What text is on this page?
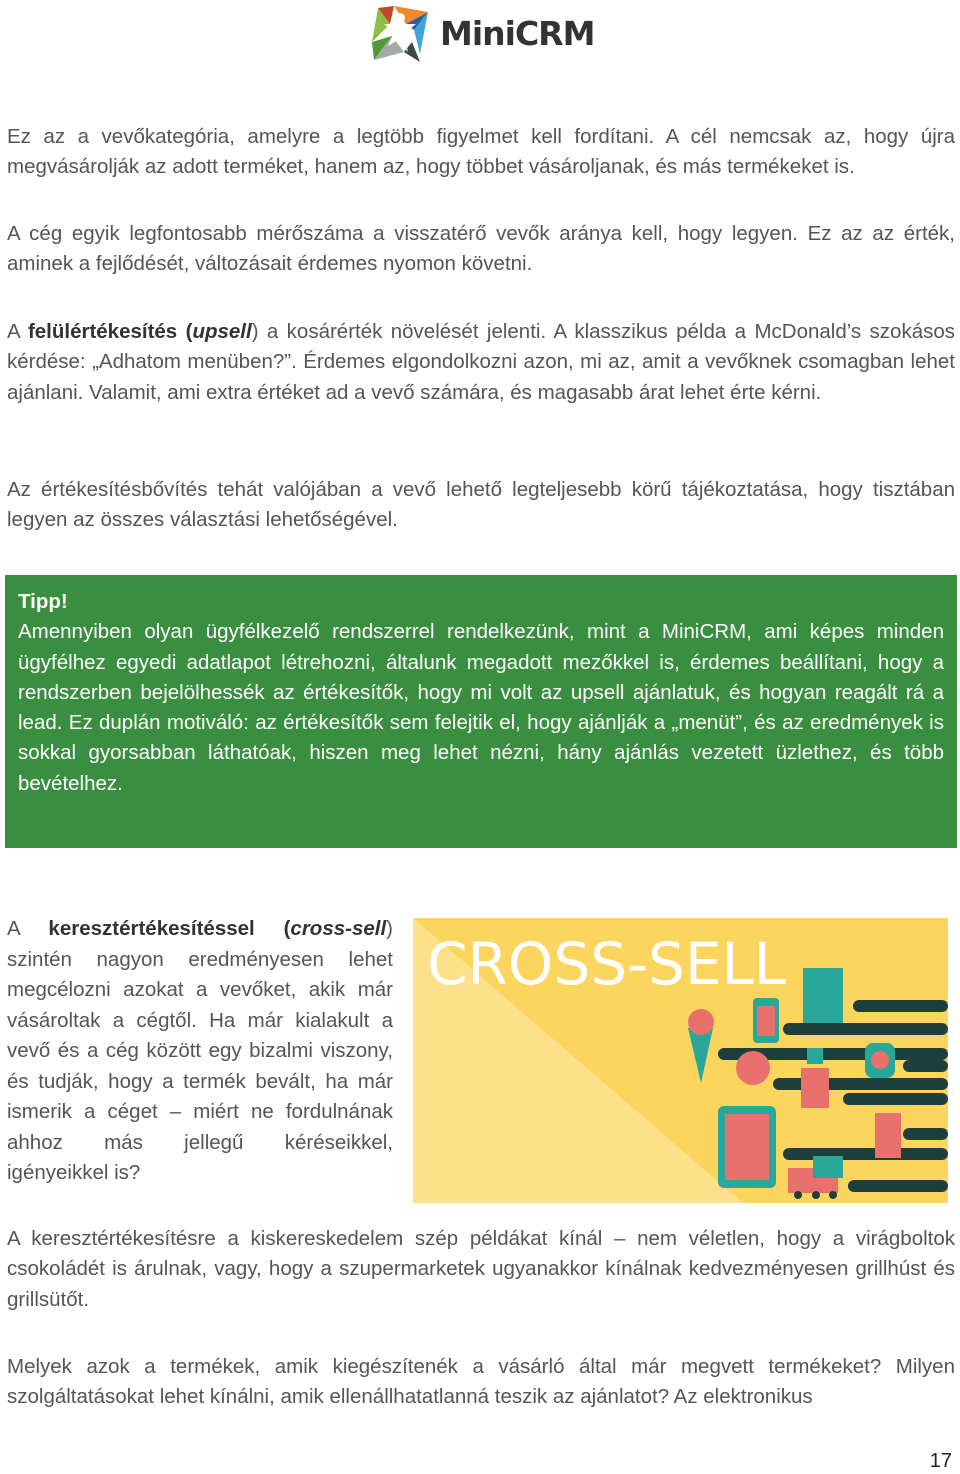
MiniCRM

Ez az a vevőkategória, amelyre a legtöbb figyelmet kell fordítani. A cél nemcsak az, hogy újra megvásárolják az adott terméket, hanem az, hogy többet vásároljanak, és más termékeket is.

A cég egyik legfontosabb mérőszáma a visszatérő vevők aránya kell, hogy legyen. Ez az az érték, aminek a fejlődését, változásait érdemes nyomon követni.

A felülértékesítés (upsell) a kosárérték növelését jelenti. A klasszikus példa a McDonald’s szokásos kérdése: „Adhatom menüben?”. Érdemes elgondolkozni azon, mi az, amit a vevőknek csomagban lehet ajánlani. Valamit, ami extra értéket ad a vevő számára, és magasabb árat lehet érte kérni.

Az értékesítésbővítés tehát valójában a vevő lehető legteljesebb körű tájékoztatása, hogy tisztában legyen az összes választási lehetőségével.

Tipp!
Amennyiben olyan ügyfélkezelő rendszerrel rendelkezünk, mint a MiniCRM, ami képes minden ügyfélhez egyedi adatlapot létrehozni, általunk megadott mezőkkel is, érdemes beállítani, hogy a rendszerben bejelölhessék az értékesítők, hogy mi volt az upsell ajánlatuk, és hogyan reagált rá a lead. Ez duplán motiváló: az értékesítők sem felejtik el, hogy ajánlják a „menüt”, és az eredmények is sokkal gyorsabban láthatóak, hiszen meg lehet nézni, hány ajánlás vezetett üzlethez, és több bevételhez.

A keresztértékesítéssel (cross-sell) szintén nagyon eredményesen lehet megcélozni azokat a vevőket, akik már vásároltak a cégtől. Ha már kialakult a vevő és a cég között egy bizalmi viszony, és tudják, hogy a termék bevált, ha már ismerik a céget – miért ne fordulnának ahhoz más jellegű kéréseikkel, igényeikkel is?

CROSS-SELL

A keresztértékesítésre a kiskereskedelem szép példákat kínál – nem véletlen, hogy a virágboltok csokoládét is árulnak, vagy, hogy a szupermarketek ugyanakkor kínálnak kedvezményesen grillhúst és grillsütőt.

Melyek azok a termékek, amik kiegészítenék a vásárló által már megvett termékeket? Milyen szolgáltatásokat lehet kínálni, amik ellenállhatatlanná teszik az ajánlatot? Az elektronikus

17
